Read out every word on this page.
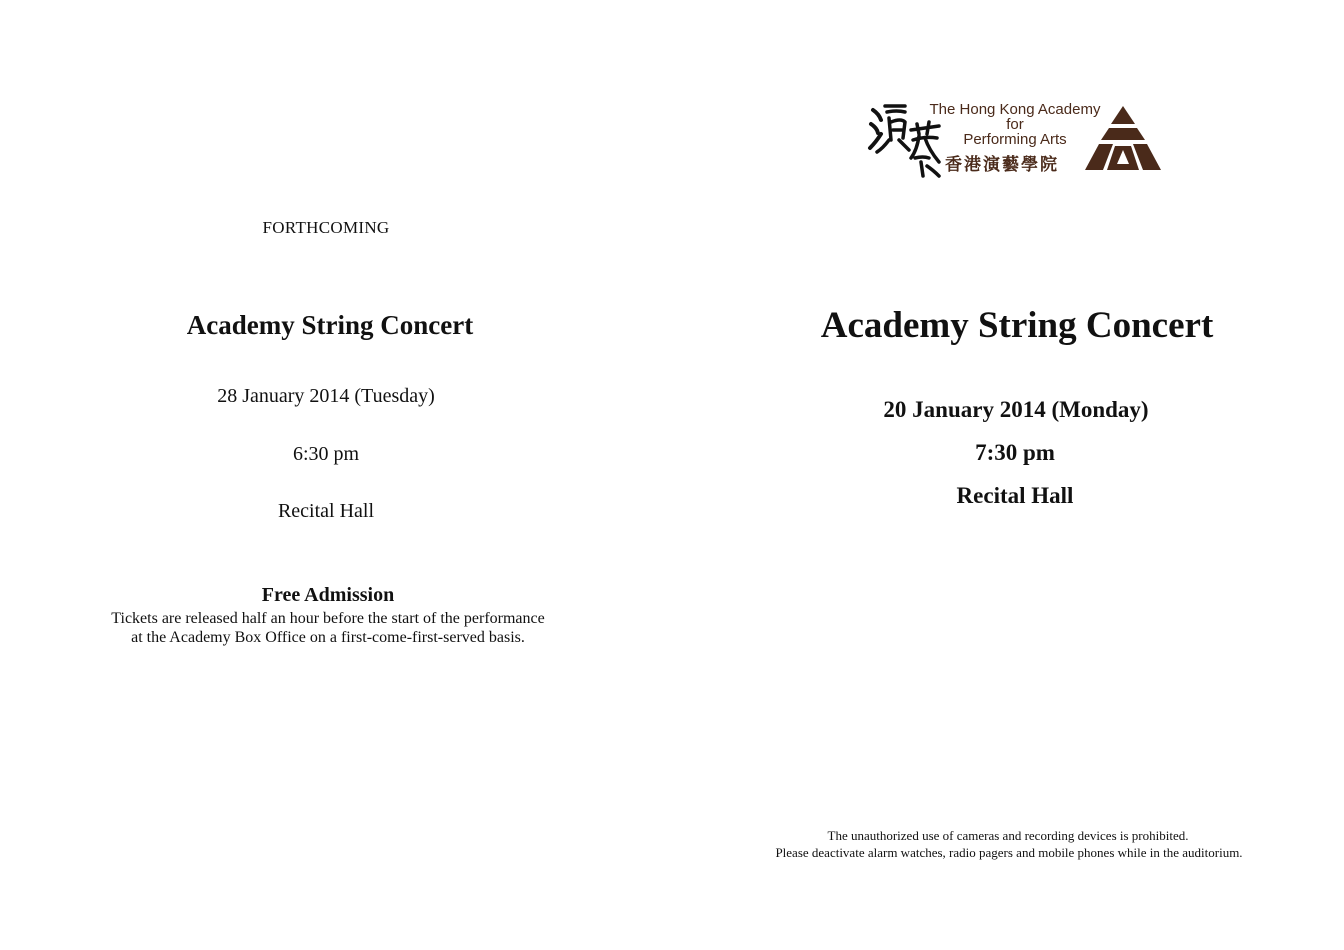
FORTHCOMING
Academy String Concert
28 January 2014 (Tuesday)
6:30 pm
Recital Hall
Free Admission
Tickets are released half an hour before the start of the performance
at the Academy Box Office on a first-come-first-served basis.
The Hong Kong Academy
for
Performing Arts
香港演藝學院
Academy String Concert
20 January 2014 (Monday)
7:30 pm
Recital Hall
The unauthorized use of cameras and recording devices is prohibited.
Please deactivate alarm watches, radio pagers and mobile phones while in the auditorium.
